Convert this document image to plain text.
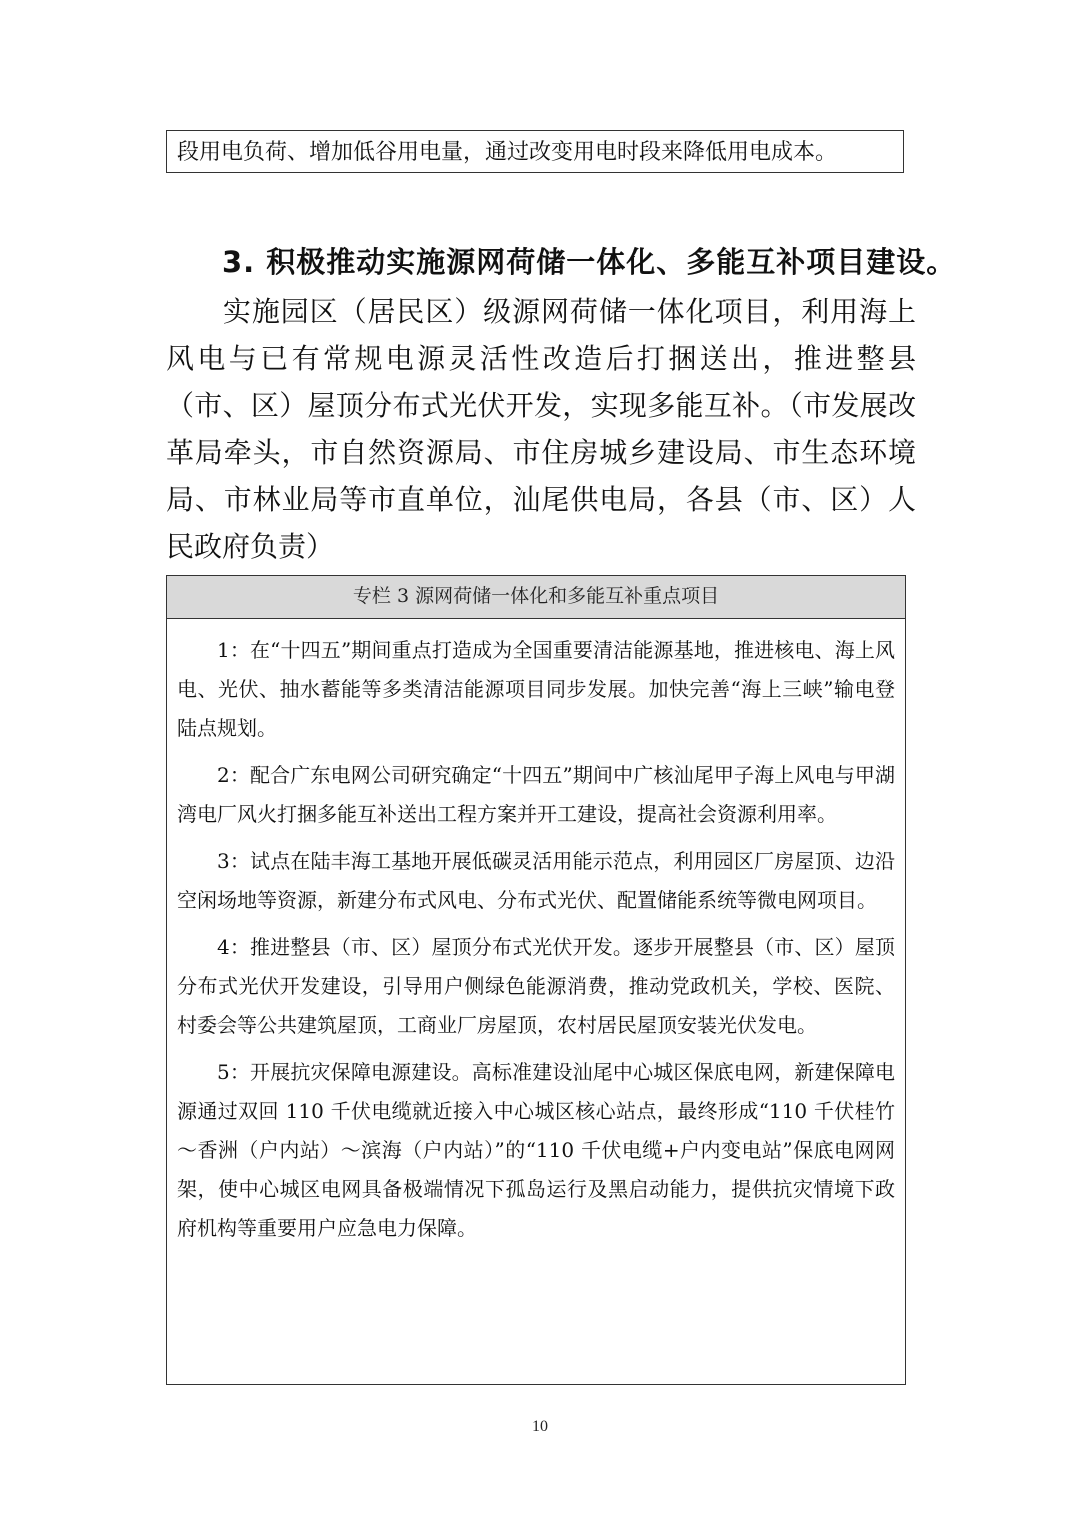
段用电负荷、增加低谷用电量，通过改变用电时段来降低用电成本。
3. 积极推动实施源网荷储一体化、多能互补项目建设。
实施园区（居民区）级源网荷储一体化项目，利用海上风电与已有常规电源灵活性改造后打捆送出，推进整县（市、区）屋顶分布式光伏开发，实现多能互补。（市发展改革局牵头，市自然资源局、市住房城乡建设局、市生态环境局、市林业局等市直单位，汕尾供电局，各县（市、区）人民政府负责）
专栏 3 源网荷储一体化和多能互补重点项目

1：在“十四五”期间重点打造成为全国重要清洁能源基地，推进核电、海上风电、光伏、抽水蓄能等多类清洁能源项目同步发展。加快完善“海上三峡”输电登陆点规划。

2：配合广东电网公司研究确定“十四五”期间中广核汕尾甲子海上风电与甲湖湾电厂风火打捆多能互补送出工程方案并开工建设，提高社会资源利用率。

3：试点在陆丰海工基地开展低碳灵活用能示范点，利用园区厂房屋顶、边沿空闲场地等资源，新建分布式风电、分布式光伏、配置储能系统等微电网项目。

4：推进整县（市、区）屋顶分布式光伏开发。逐步开展整县（市、区）屋顶分布式光伏开发建设，引导用户侧绿色能源消费，推动党政机关，学校、医院、村委会等公共建筑屋顶，工商业厂房屋顶，农村居民屋顶安装光伏发电。

5：开展抗灾保障电源建设。高标准建设汕尾中心城区保底电网，新建保障电源通过双回 110 千伏电缆就近接入中心城区核心站点，最终形成“110 千伏桂竹～香洲（户内站）～滨海（户内站）”的“110 千伏电缆+户内变电站”保底电网网架，使中心城区电网具备极端情况下孤岛运行及黑启动能力，提供抗灾情境下政府机构等重要用户应急电力保障。

10
